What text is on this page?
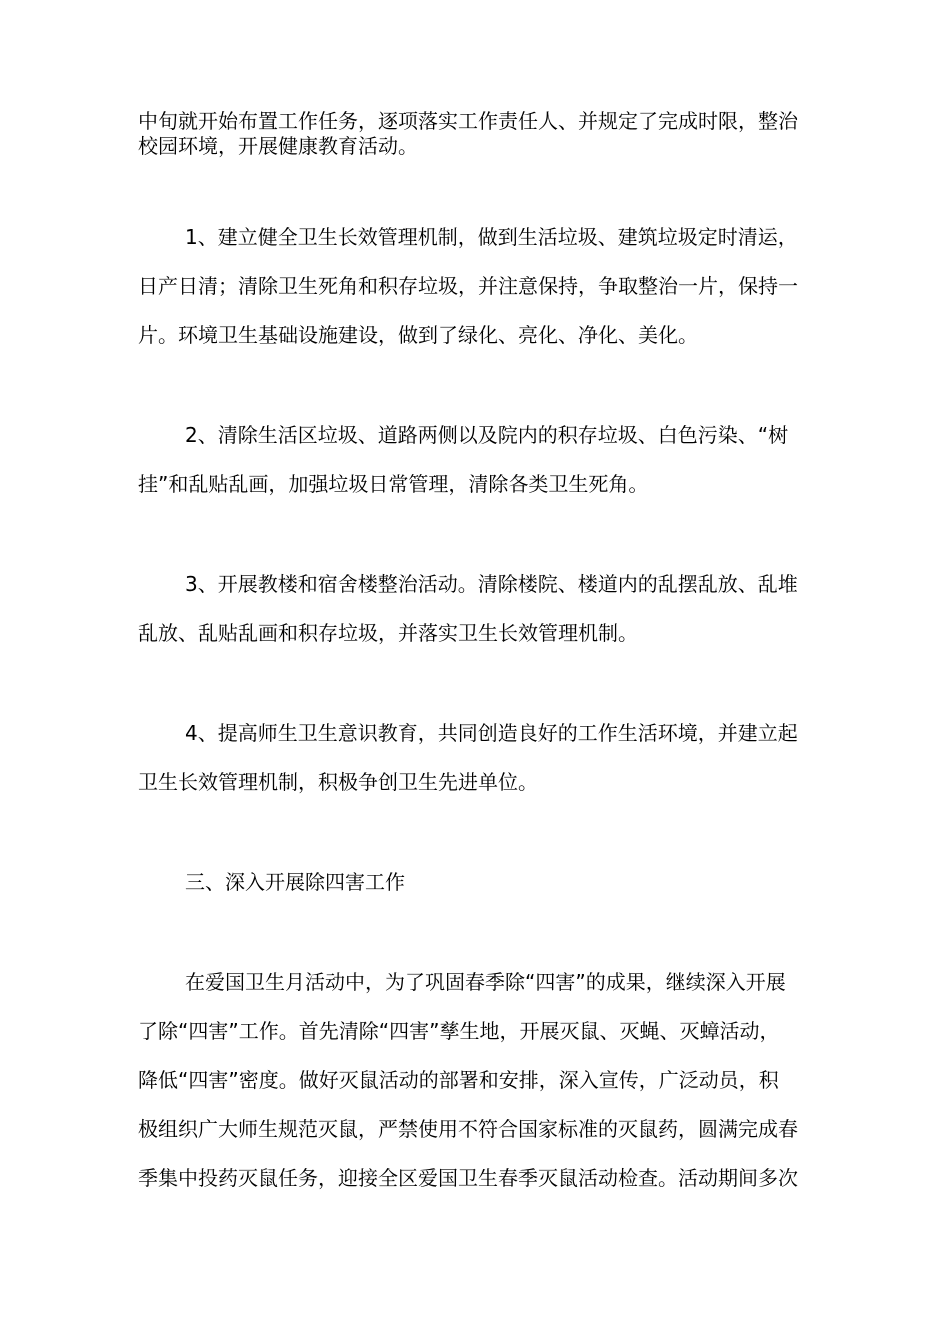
中旬就开始布置工作任务，逐项落实工作责任人、并规定了完成时限，整治

校园环境，开展健康教育活动。

1、建立健全卫生长效管理机制，做到生活垃圾、建筑垃圾定时清运，

日产日清；清除卫生死角和积存垃圾，并注意保持，争取整治一片，保持一

片。环境卫生基础设施建设，做到了绿化、亮化、净化、美化。

2、清除生活区垃圾、道路两侧以及院内的积存垃圾、白色污染、“树

挂”和乱贴乱画，加强垃圾日常管理，清除各类卫生死角。

3、开展教楼和宿舍楼整治活动。清除楼院、楼道内的乱摆乱放、乱堆

乱放、乱贴乱画和积存垃圾，并落实卫生长效管理机制。

4、提高师生卫生意识教育，共同创造良好的工作生活环境，并建立起

卫生长效管理机制，积极争创卫生先进单位。

三、深入开展除四害工作

在爱国卫生月活动中，为了巩固春季除“四害”的成果，继续深入开展

了除“四害”工作。首先清除“四害”孳生地，开展灭鼠、灭蝇、灭蟑活动，

降低“四害”密度。做好灭鼠活动的部署和安排，深入宣传，广泛动员，积

极组织广大师生规范灭鼠，严禁使用不符合国家标准的灭鼠药，圆满完成春

季集中投药灭鼠任务，迎接全区爱国卫生春季灭鼠活动检查。活动期间多次
